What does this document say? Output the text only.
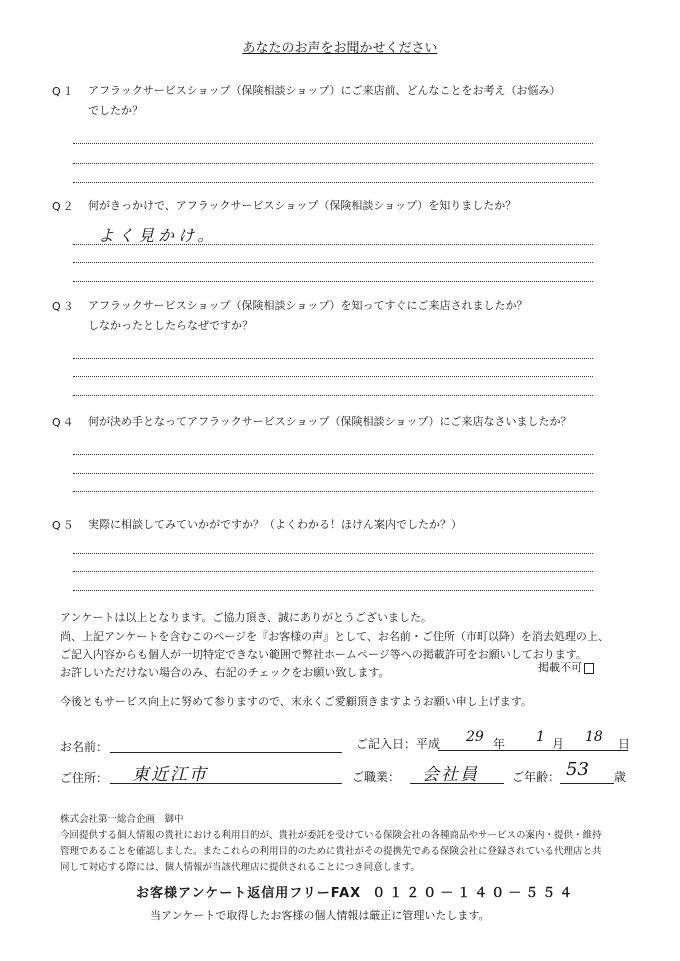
あなたのお声をお聞かせください
Q１ アフラックサービスショップ（保険相談ショップ）にご来店前、どんなことをお考え（お悩み）
でしたか？
Q２ 何がきっかけで、アフラックサービスショップ（保険相談ショップ）を知りましたか？
よく見かけ。
Q３ アフラックサービスショップ（保険相談ショップ）を知ってすぐにご来店されましたか？
しなかったとしたらなぜですか？
Q４ 何が決め手となってアフラックサービスショップ（保険相談ショップ）にご来店なさいましたか？
Q５ 実際に相談してみていかがですか？（よくわかる！ほけん案内でしたか？）
アンケートは以上となります。ご協力頂き、誠にありがとうございました。
尚、上記アンケートを含むこのページを『お客様の声』として、お名前・ご住所（市町以降）を消去処理の上、
ご記入内容からも個人が一切特定できない範囲で弊社ホームページ等への掲載許可をお願いしております。
お許しいただけない場合のみ、右記のチェックをお願い致します。	掲載不可
今後ともサービス向上に努めて参りますので、末永くご愛顧頂きますようお願い申し上げます。
お名前：	ご記入日：平成 29 年 1 月 18 日
ご住所： 東近江市	ご職業： 会社員	ご年齢： 53 歳
株式会社第一総合企画　御中
今回提供する個人情報の貴社における利用目的が、貴社が委託を受けている保険会社の各種商品やサービスの案内・提供・維持
管理であることを確認しました。またこれらの利用目的のために貴社がその提携先である保険会社に登録されている代理店と共
同して対応する際には、個人情報が当該代理店に提供されることにつき同意します。
お客様アンケート返信用フリーFAX ０１２０－１４０－５５４
当アンケートで取得したお客様の個人情報は厳正に管理いたします。
